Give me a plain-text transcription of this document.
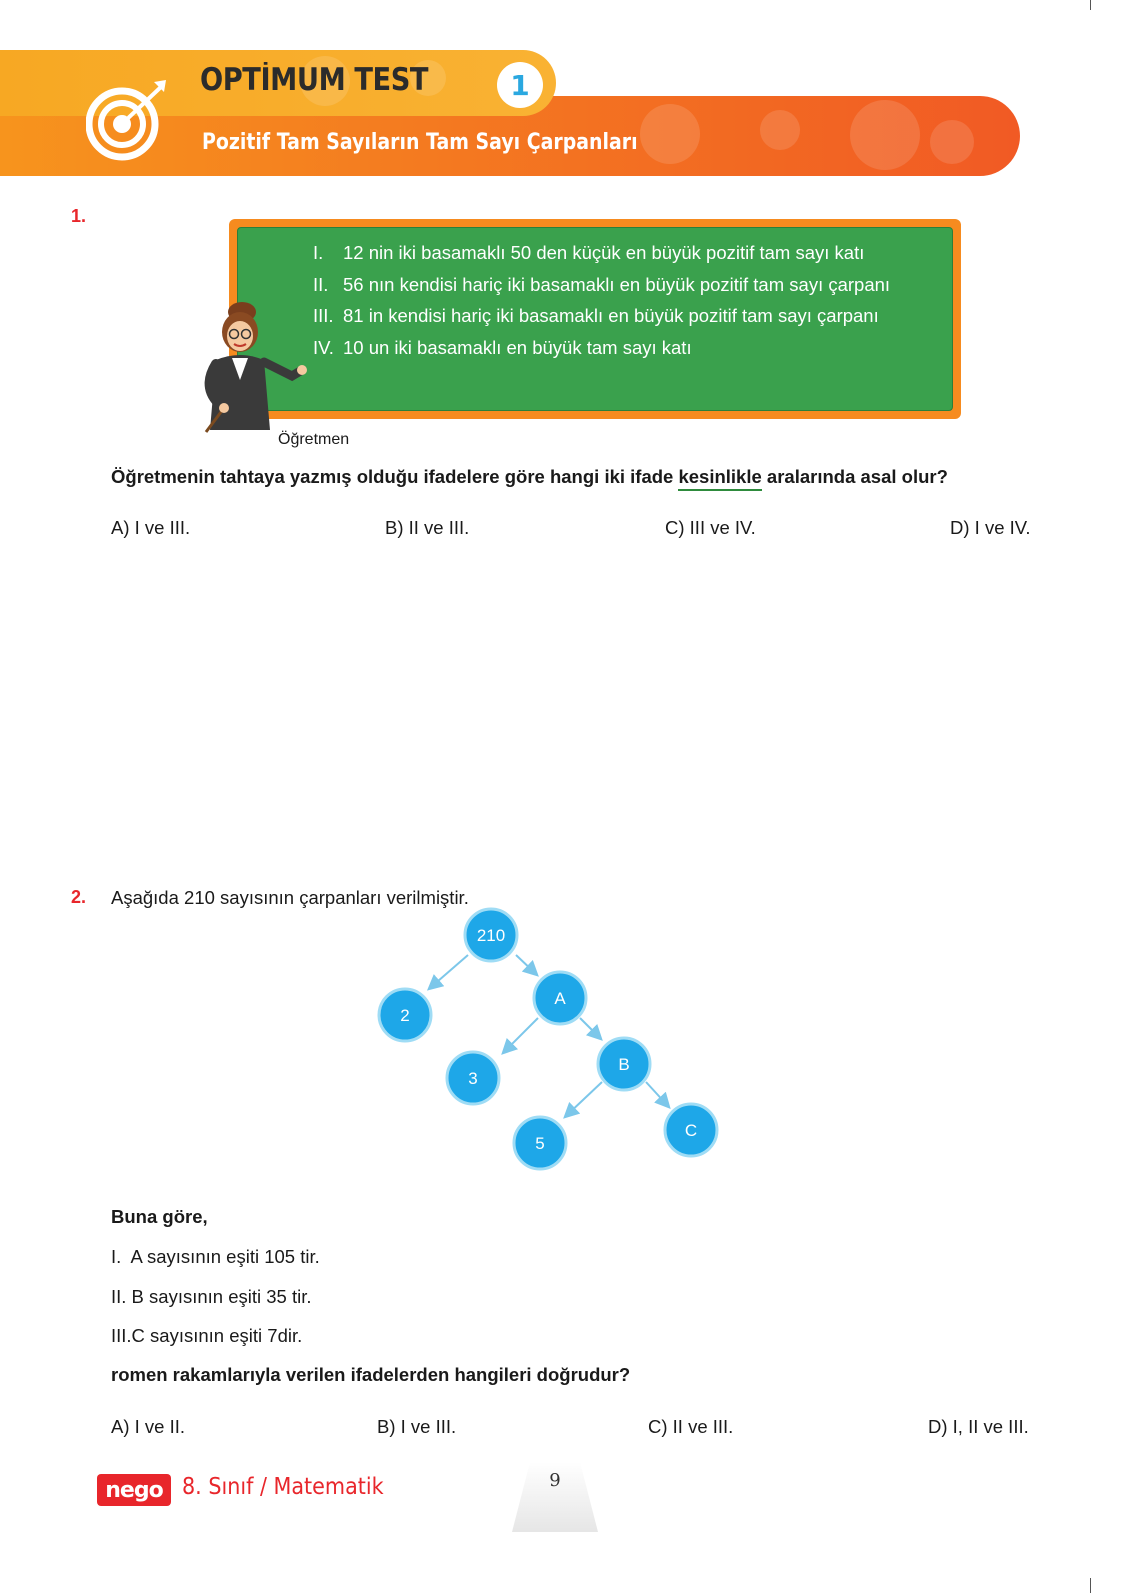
OPTİMUM TEST	1
Pozitif Tam Sayıların Tam Sayı Çarpanları
1.
I. 12 nin iki basamaklı 50 den küçük en büyük pozitif tam sayı katı
II. 56 nın kendisi hariç iki basamaklı en büyük pozitif tam sayı çarpanı
III. 81 in kendisi hariç iki basamaklı en büyük pozitif tam sayı çarpanı
IV. 10 un iki basamaklı en büyük tam sayı katı
Öğretmen
Öğretmenin tahtaya yazmış olduğu ifadelere göre hangi iki ifade kesinlikle aralarında asal olur?
A) I ve III.	B) II ve III.	C) III ve IV.	D) I ve IV.
2. Aşağıda 210 sayısının çarpanları verilmiştir.
210
2
A
3
B
5
C
Buna göre,
I.  A sayısının eşiti 105 tir.
II. B sayısının eşiti 35 tir.
III.C sayısının eşiti 7dir.
romen rakamlarıyla verilen ifadelerden hangileri doğrudur?
A) I ve II.	B) I ve III.	C) II ve III.	D) I, II ve III.
nego 8. Sınıf / Matematik	9
